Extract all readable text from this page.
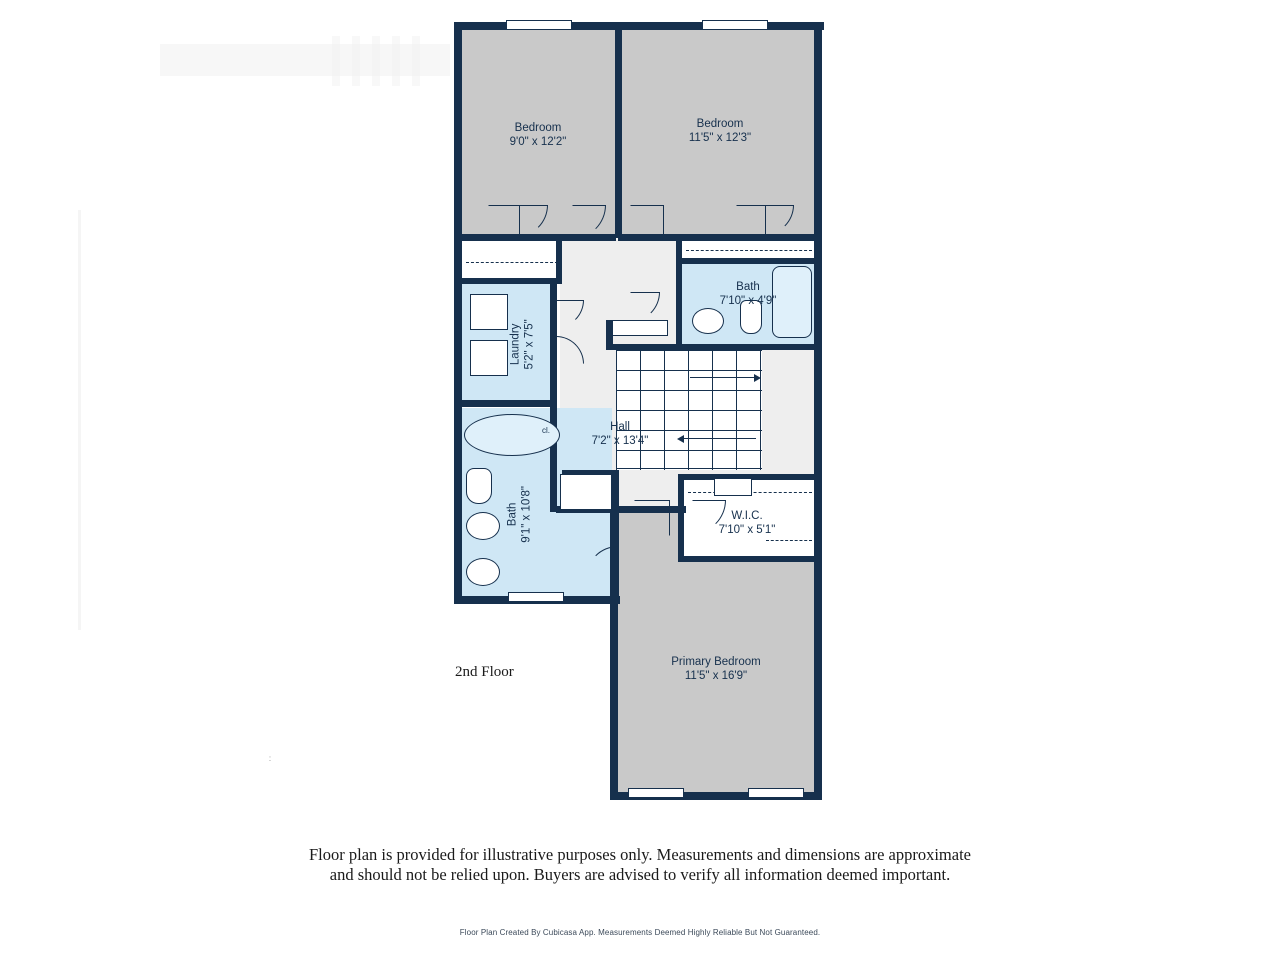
Bedroom
9'0" x 12'2"
Bedroom
11'5" x 12'3"
Bath
7'10" x 4'9"
Laundry 5'2" x 7'5"
Hall
7'2" x 13'4"
Bath 9'1" x 10'8"	W.I.C.
7'10" x 5'1"
Primary Bedroom
11'5" x 16'9"
cl.
2nd Floor
:
Floor plan is provided for illustrative purposes only. Measurements and dimensions are approximate
and should not be relied upon. Buyers are advised to verify all information deemed important.
Floor Plan Created By Cubicasa App. Measurements Deemed Highly Reliable But Not Guaranteed.
